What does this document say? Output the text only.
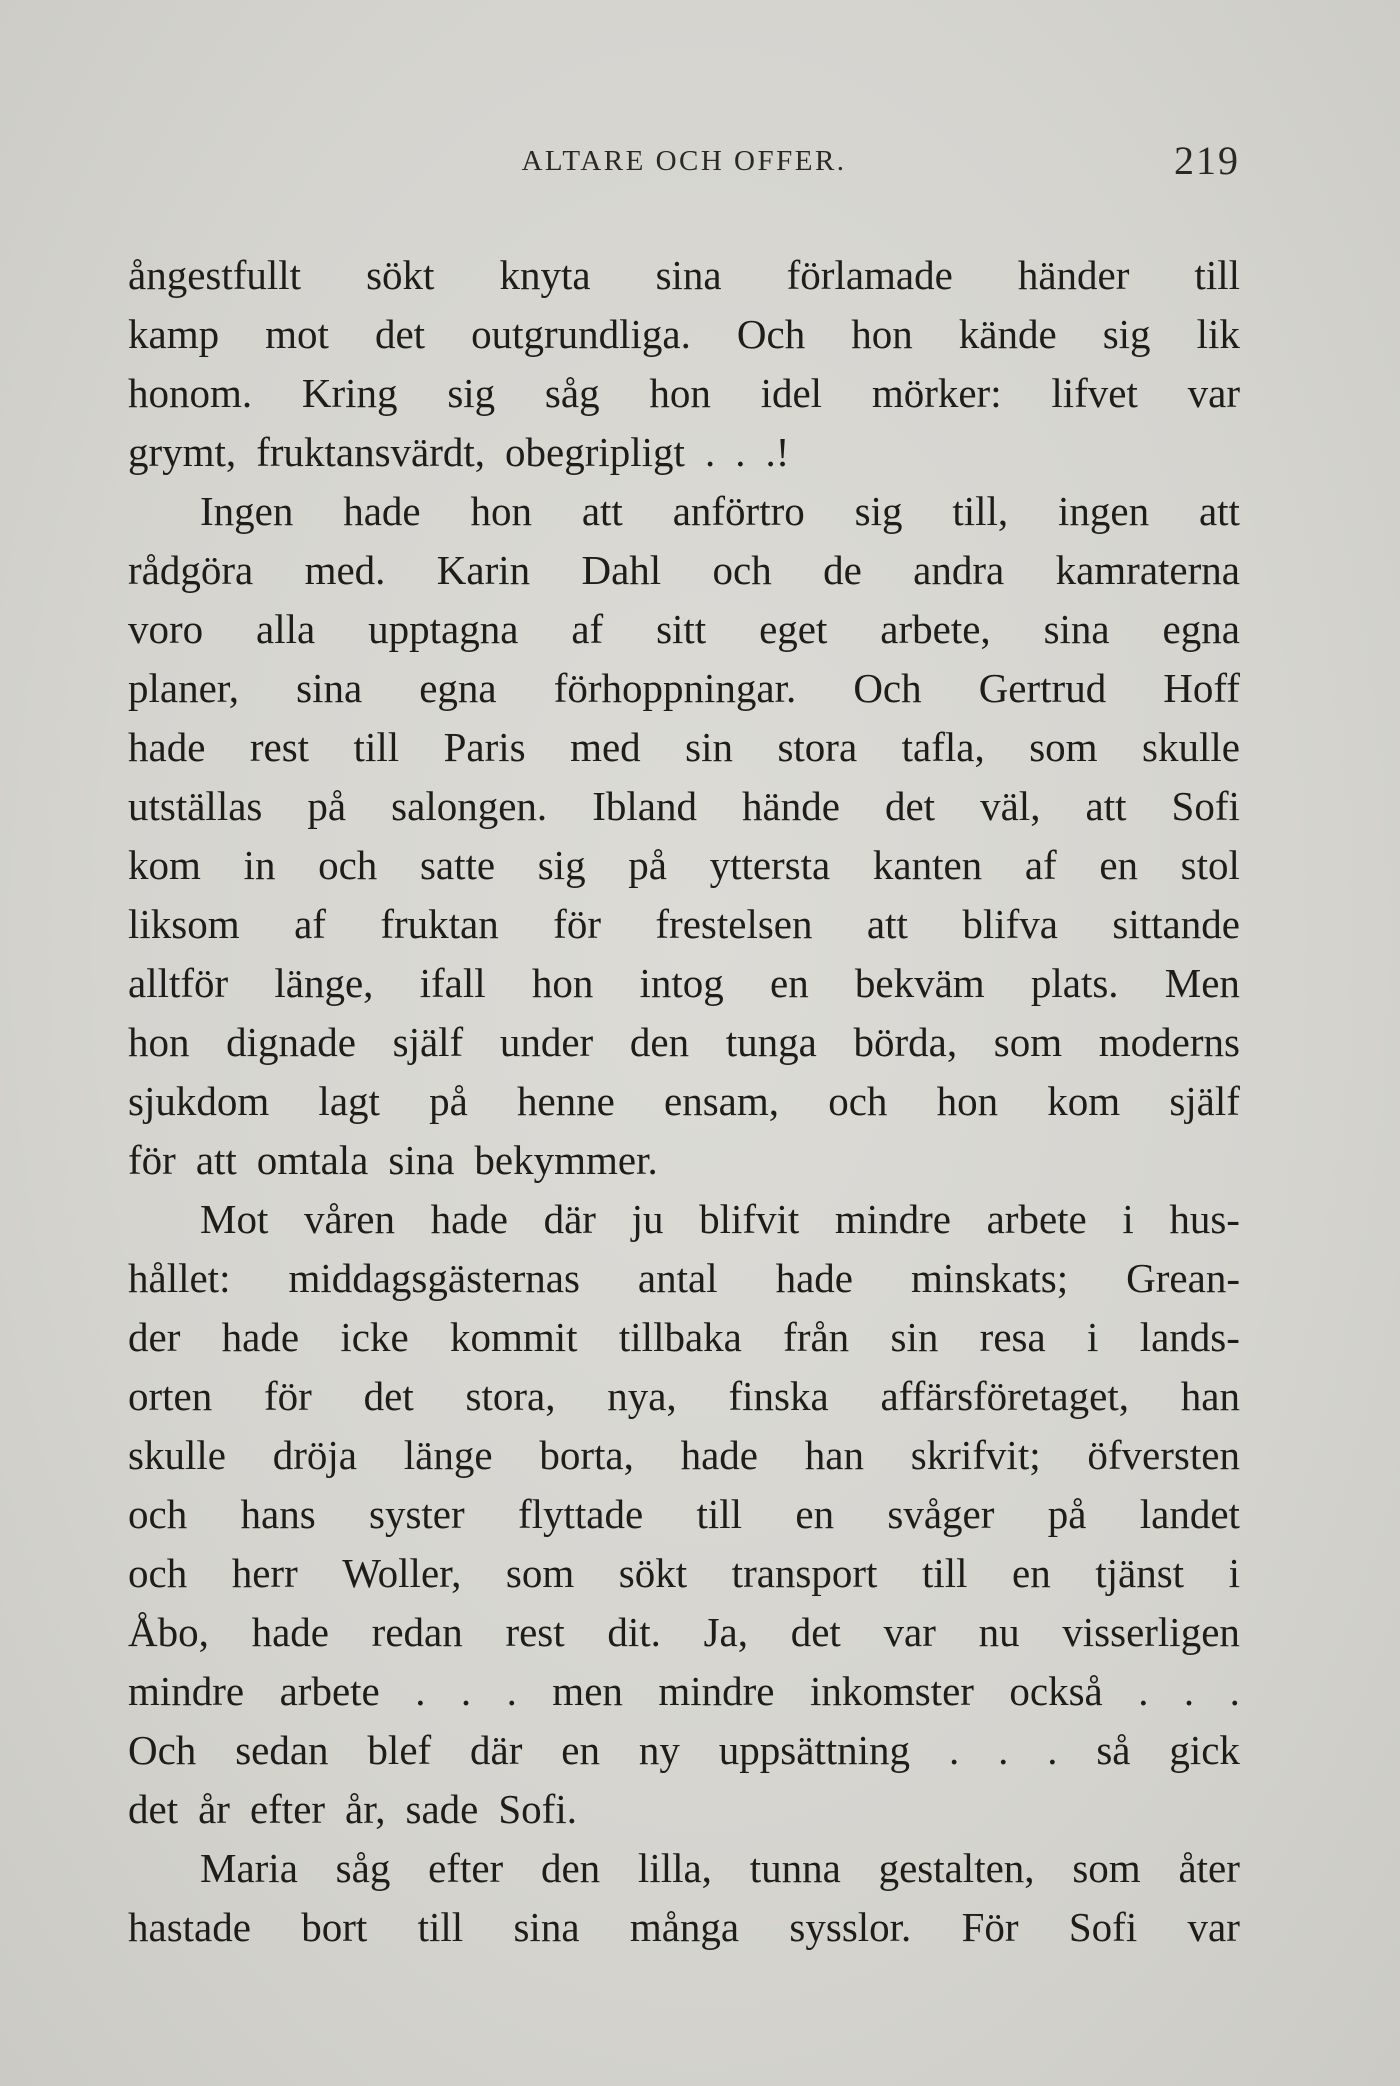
ALTARE OCH OFFER.	219
ångestfullt sökt knyta sina förlamade händer till
kamp mot det outgrundliga. Och hon kände sig lik
honom. Kring sig såg hon idel mörker: lifvet var
grymt, fruktansvärdt, obegripligt . . .!
Ingen hade hon att anförtro sig till, ingen att
rådgöra med. Karin Dahl och de andra kamraterna
voro alla upptagna af sitt eget arbete, sina egna
planer, sina egna förhoppningar. Och Gertrud Hoff
hade rest till Paris med sin stora tafla, som skulle
utställas på salongen. Ibland hände det väl, att Sofi
kom in och satte sig på yttersta kanten af en stol
liksom af fruktan för frestelsen att blifva sittande
alltför länge, ifall hon intog en bekväm plats. Men
hon dignade själf under den tunga börda, som moderns
sjukdom lagt på henne ensam, och hon kom själf
för att omtala sina bekymmer.
Mot våren hade där ju blifvit mindre arbete i hus-
hållet: middagsgästernas antal hade minskats; Grean-
der hade icke kommit tillbaka från sin resa i lands-
orten för det stora, nya, finska affärsföretaget, han
skulle dröja länge borta, hade han skrifvit; öfversten
och hans syster flyttade till en svåger på landet
och herr Woller, som sökt transport till en tjänst i
Åbo, hade redan rest dit. Ja, det var nu visserligen
mindre arbete . . . men mindre inkomster också . . .
Och sedan blef där en ny uppsättning . . . så gick
det år efter år, sade Sofi.
Maria såg efter den lilla, tunna gestalten, som åter
hastade bort till sina många sysslor. För Sofi var
